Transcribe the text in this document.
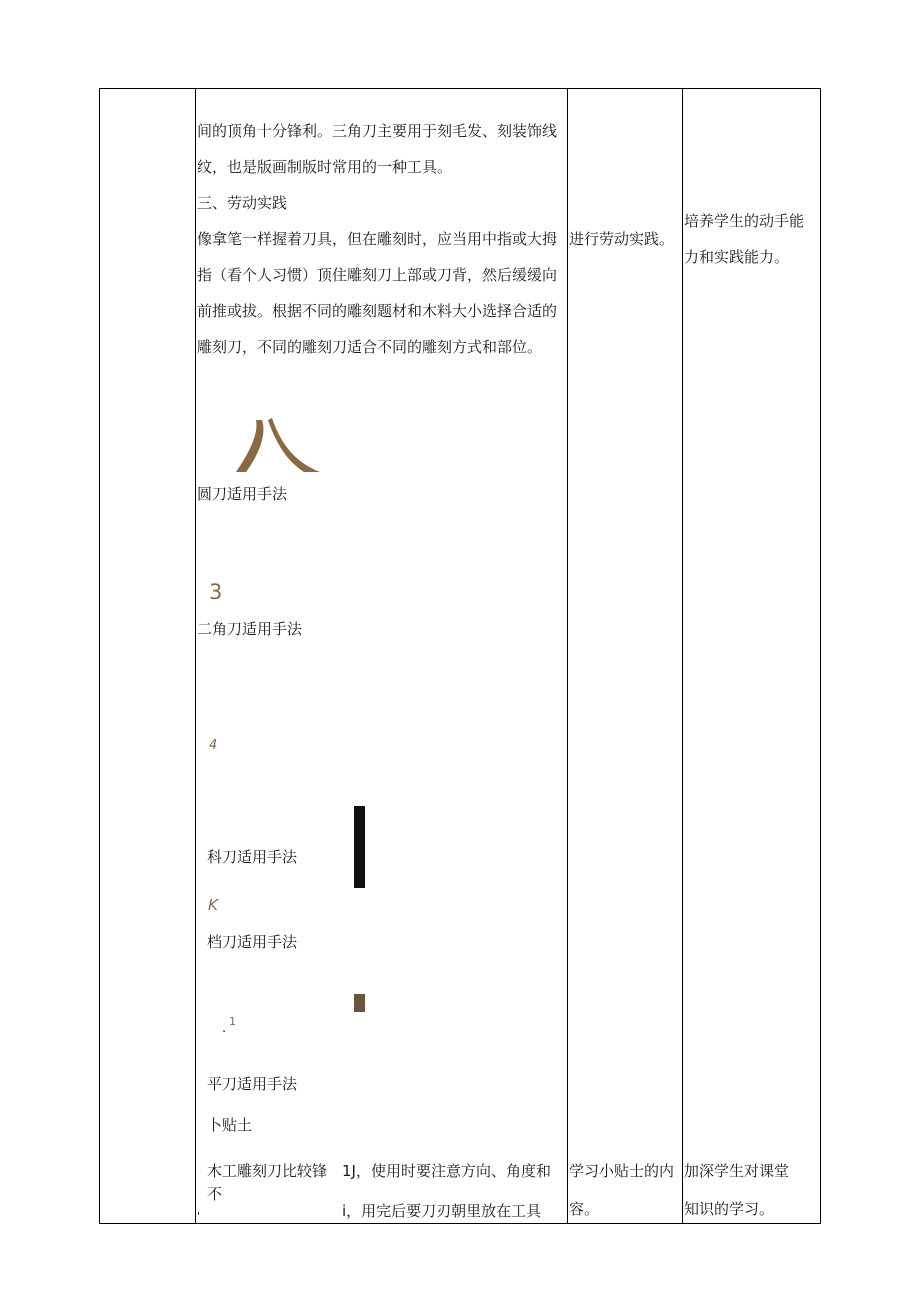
间的顶角十分锋利。三角刀主要用于刻毛发、刻装饰线
纹，也是版画制版时常用的一种工具。
三、劳动实践
像拿笔一样握着刀具，但在雕刻时，应当用中指或大拇
指（看个人习惯）顶住雕刻刀上部或刀背，然后缓缓向
前推或拔。根据不同的雕刻题材和木料大小选择合适的
雕刻刀，不同的雕刻刀适合不同的雕刻方式和部位。
圆刀适用手法
3
二角刀适用手法
4
科刀适用手法
K
档刀适用手法
. 1
平刀适用手法
卜贴土
木工雕刻刀比较锋
不
'
1J，使用时要注意方向、角度和
i，用完后要刀刃朝里放在工具
进行劳动实践。
学习小贴士的内
容。
培养学生的动手能
力和实践能力。
加深学生对课堂
知识的学习。
